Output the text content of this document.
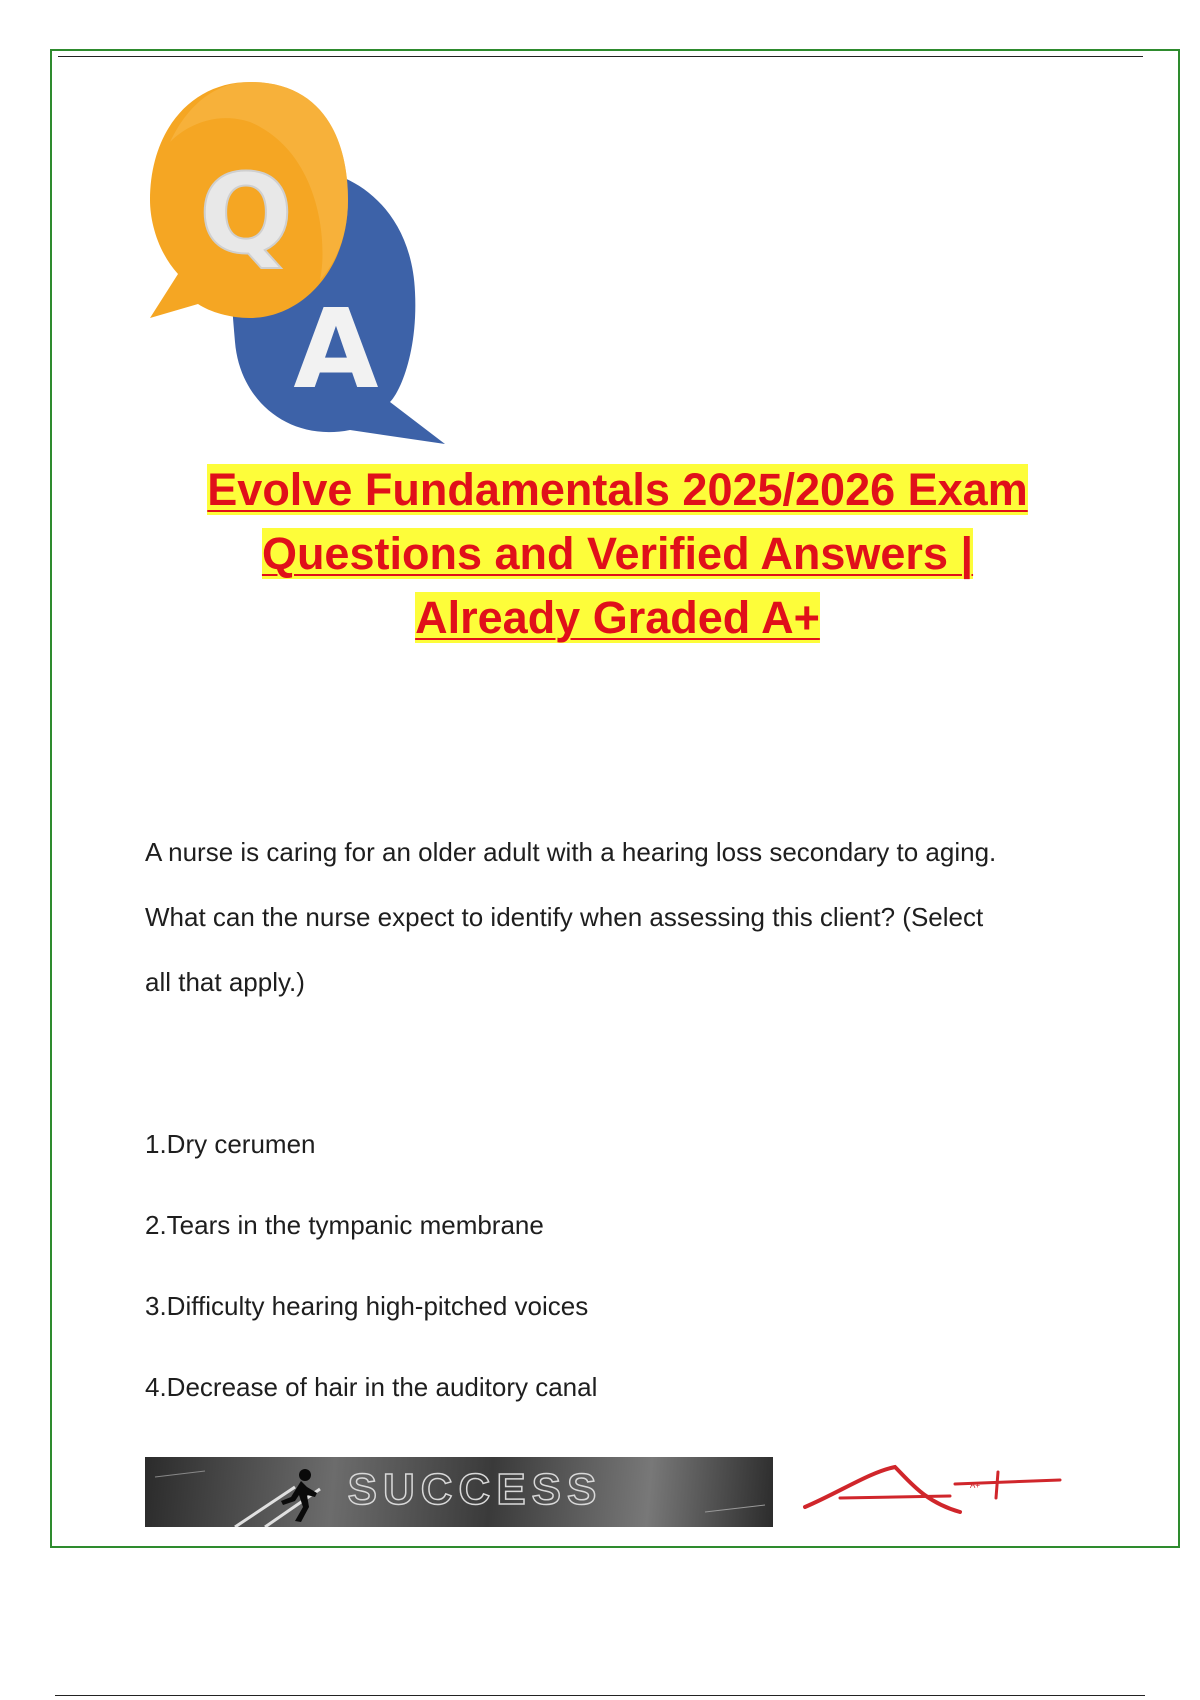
Q
A
Evolve Fundamentals 2025/2026 Exam
Questions and Verified Answers |
Already Graded A+
A nurse is caring for an older adult with a hearing loss secondary to aging.
What can the nurse expect to identify when assessing this client? (Select
all that apply.)
1.Dry cerumen
2.Tears in the tympanic membrane
3.Difficulty hearing high-pitched voices
4.Decrease of hair in the auditory canal
SUCCESS	A+
